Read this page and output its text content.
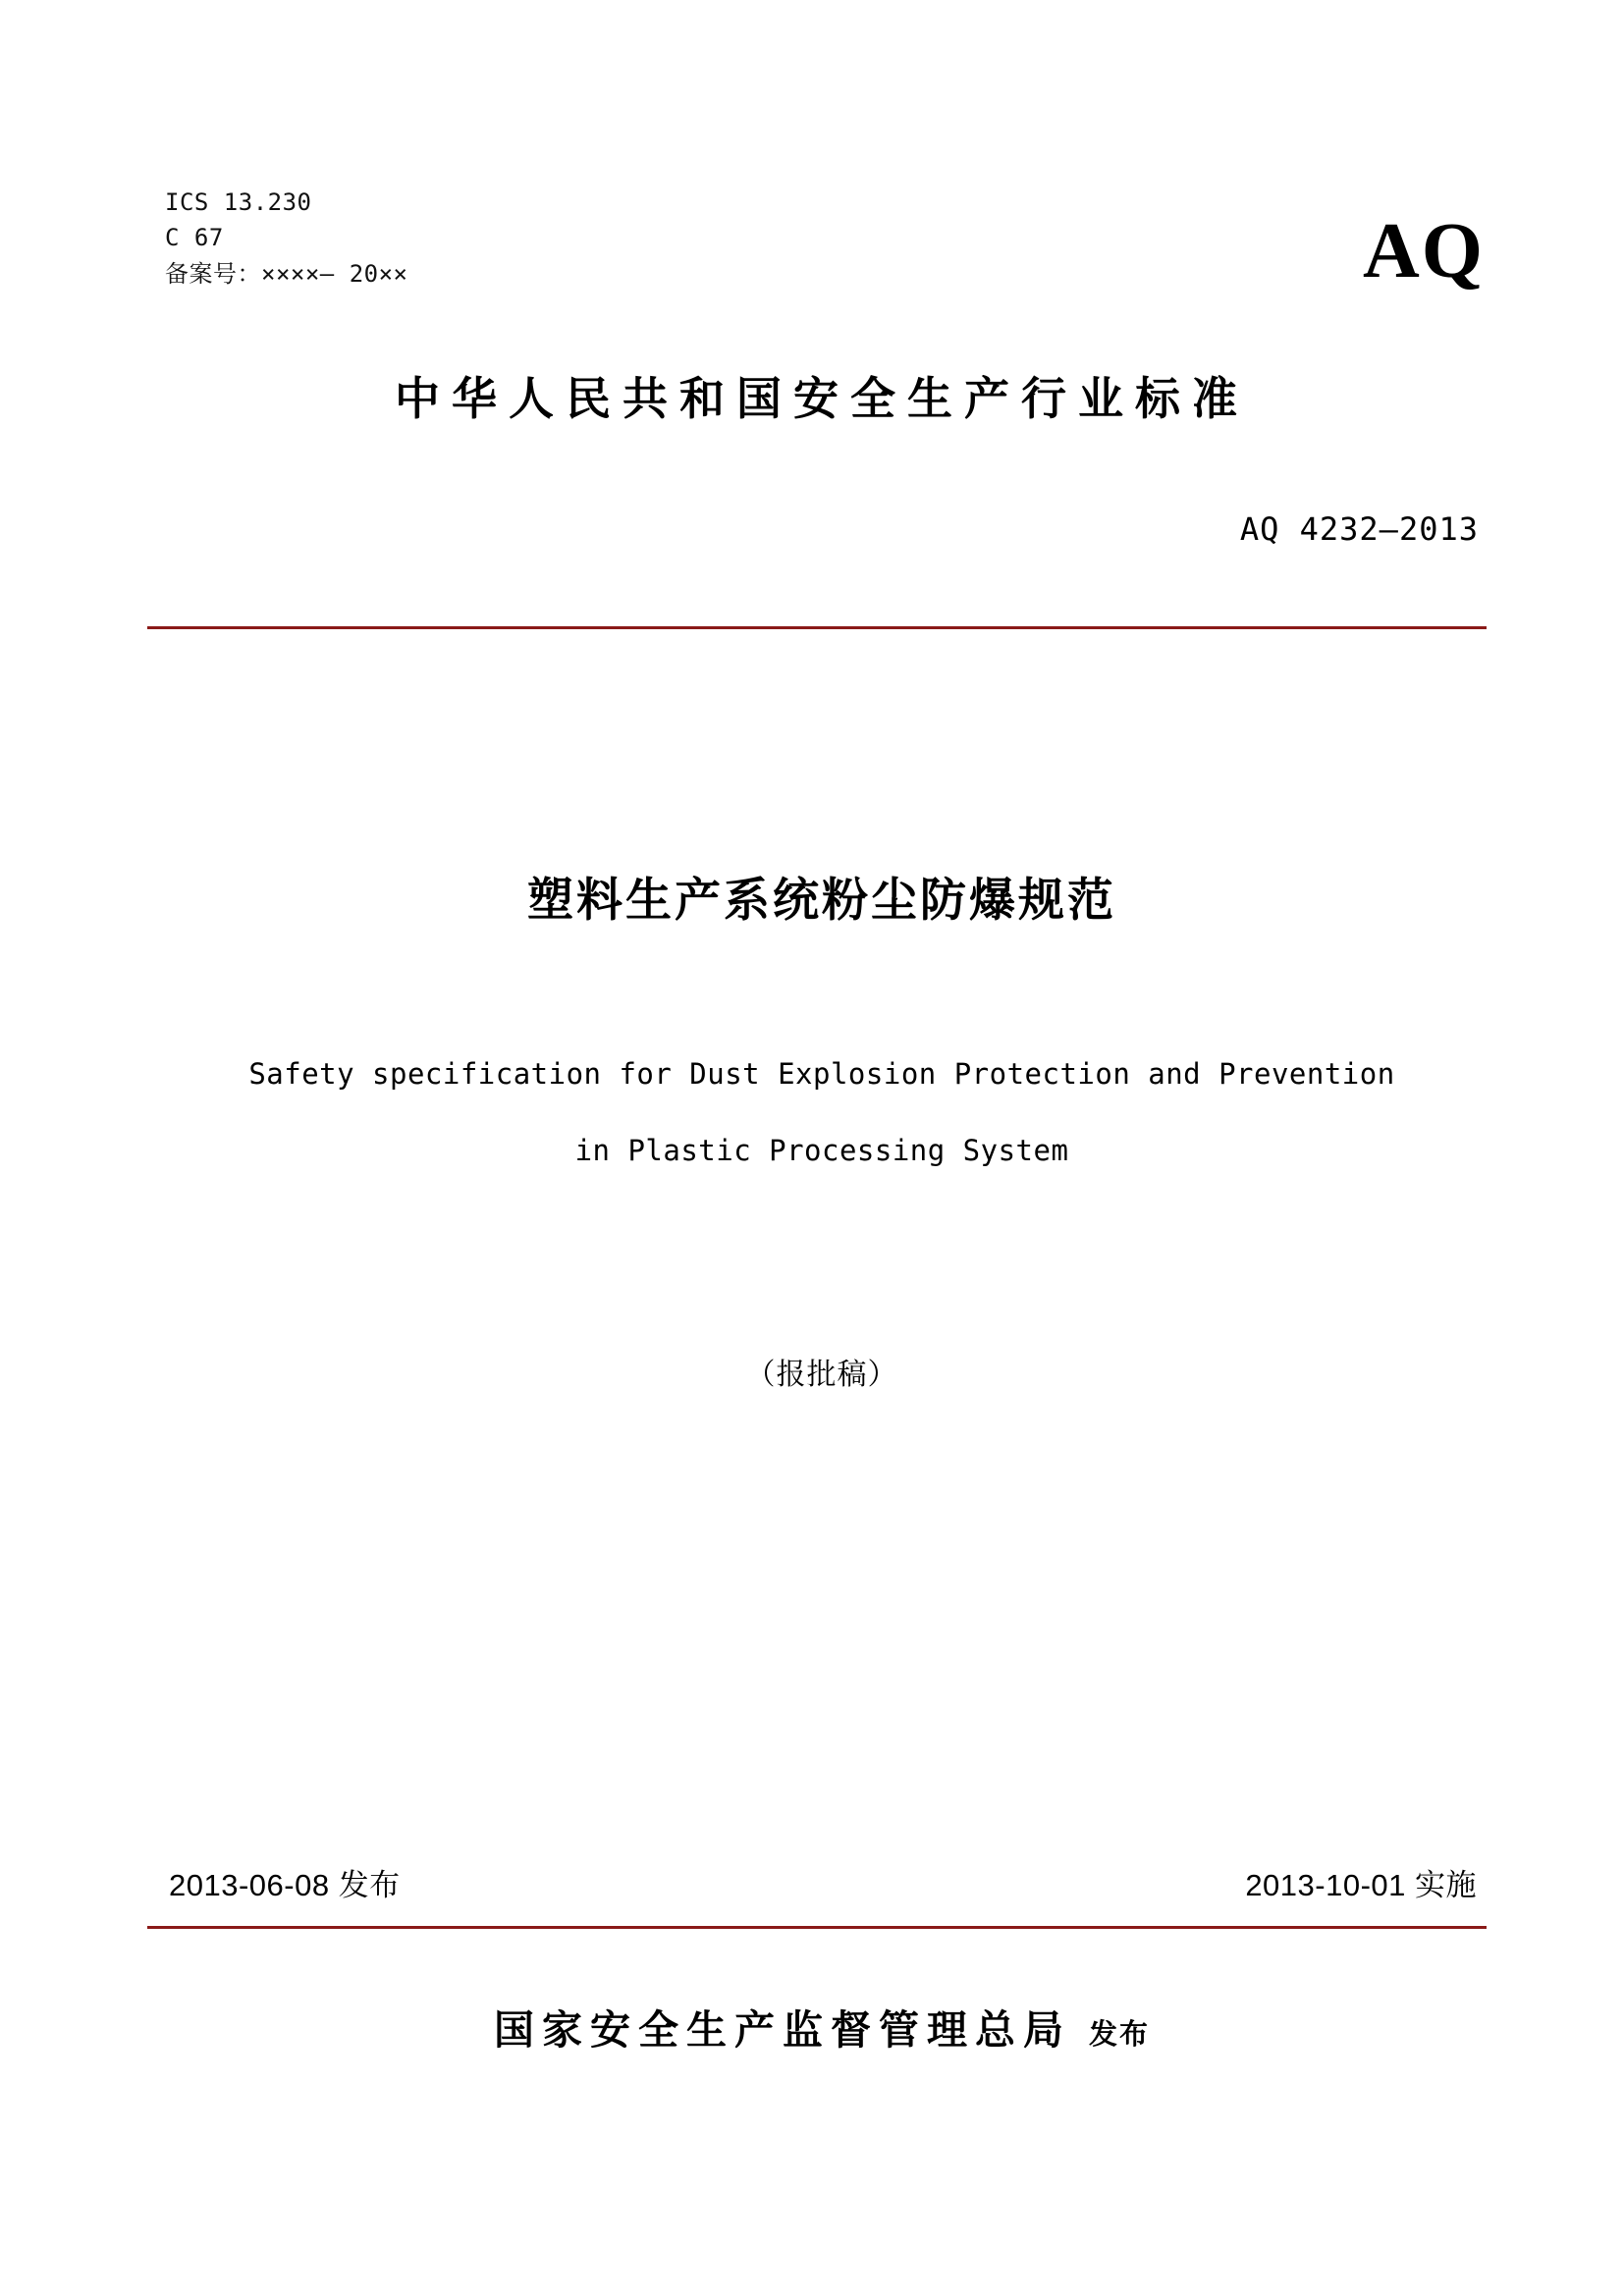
ICS 13.230
C 67
备案号：××××— 20××	AQ
中华人民共和国安全生产行业标准
AQ 4232—2013
塑料生产系统粉尘防爆规范
Safety specification for Dust Explosion Protection and Prevention
in Plastic Processing System
（报批稿）
2013-06-08 发布	2013-10-01 实施
国家安全生产监督管理总局 发布
